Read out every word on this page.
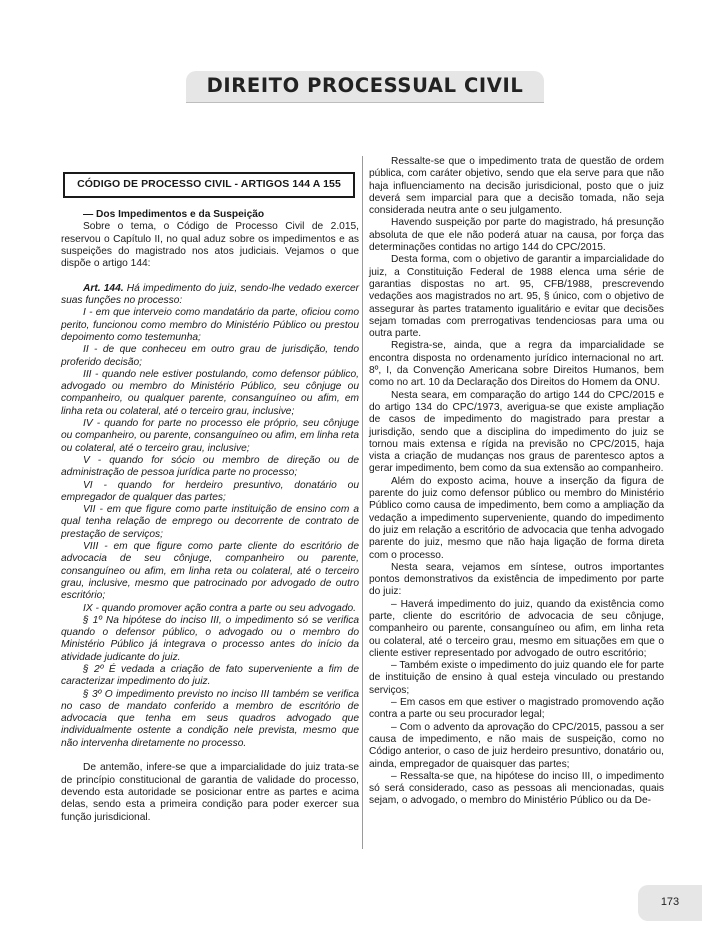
DIREITO PROCESSUAL CIVIL
CÓDIGO DE PROCESSO CIVIL - ARTIGOS 144 A 155

— Dos Impedimentos e da Suspeição

Sobre o tema, o Código de Processo Civil de 2.015, reservou o Capítulo II, no qual aduz sobre os impedimentos e as suspeições do magistrado nos atos judiciais. Vejamos o que dispõe o artigo 144:

Art. 144. Há impedimento do juiz, sendo-lhe vedado exercer suas funções no processo:

I - em que interveio como mandatário da parte, oficiou como perito, funcionou como membro do Ministério Público ou prestou depoimento como testemunha;

II - de que conheceu em outro grau de jurisdição, tendo proferido decisão;

III - quando nele estiver postulando, como defensor público, advogado ou membro do Ministério Público, seu cônjuge ou companheiro, ou qualquer parente, consanguíneo ou afim, em linha reta ou colateral, até o terceiro grau, inclusive;

IV - quando for parte no processo ele próprio, seu cônjuge ou companheiro, ou parente, consanguíneo ou afim, em linha reta ou colateral, até o terceiro grau, inclusive;

V - quando for sócio ou membro de direção ou de administração de pessoa jurídica parte no processo;

VI - quando for herdeiro presuntivo, donatário ou empregador de qualquer das partes;

VII - em que figure como parte instituição de ensino com a qual tenha relação de emprego ou decorrente de contrato de prestação de serviços;

VIII - em que figure como parte cliente do escritório de advocacia de seu cônjuge, companheiro ou parente, consanguíneo ou afim, em linha reta ou colateral, até o terceiro grau, inclusive, mesmo que patrocinado por advogado de outro escritório;

IX - quando promover ação contra a parte ou seu advogado.

§ 1º Na hipótese do inciso III, o impedimento só se verifica quando o defensor público, o advogado ou o membro do Ministério Público já integrava o processo antes do início da atividade judicante do juiz.

§ 2º É vedada a criação de fato superveniente a fim de caracterizar impedimento do juiz.

§ 3º O impedimento previsto no inciso III também se verifica no caso de mandato conferido a membro de escritório de advocacia que tenha em seus quadros advogado que individualmente ostente a condição nele prevista, mesmo que não intervenha diretamente no processo.

De antemão, infere-se que a imparcialidade do juiz trata-se de princípio constitucional de garantia de validade do processo, devendo esta autoridade se posicionar entre as partes e acima delas, sendo esta a primeira condição para poder exercer sua função jurisdicional.

Ressalte-se que o impedimento trata de questão de ordem pública, com caráter objetivo, sendo que ela serve para que não haja influenciamento na decisão jurisdicional, posto que o juiz deverá sem imparcial para que a decisão tomada, não seja considerada neutra ante o seu julgamento.

Havendo suspeição por parte do magistrado, há presunção absoluta de que ele não poderá atuar na causa, por força das determinações contidas no artigo 144 do CPC/2015.

Desta forma, com o objetivo de garantir a imparcialidade do juiz, a Constituição Federal de 1988 elenca uma série de garantias dispostas no art. 95, CFB/1988, prescrevendo vedações aos magistrados no art. 95, § único, com o objetivo de assegurar às partes tratamento igualitário e evitar que decisões sejam tomadas com prerrogativas tendenciosas para uma ou outra parte.

Registra-se, ainda, que a regra da imparcialidade se encontra disposta no ordenamento jurídico internacional no art. 8º, I, da Convenção Americana sobre Direitos Humanos, bem como no art. 10 da Declaração dos Direitos do Homem da ONU.

Nesta seara, em comparação do artigo 144 do CPC/2015 e do artigo 134 do CPC/1973, averigua-se que existe ampliação de casos de impedimento do magistrado para prestar a jurisdição, sendo que a disciplina do impedimento do juiz se tornou mais extensa e rígida na previsão no CPC/2015, haja vista a criação de mudanças nos graus de parentesco aptos a gerar impedimento, bem como da sua extensão ao companheiro.

Além do exposto acima, houve a inserção da figura de parente do juiz como defensor público ou membro do Ministério Público como causa de impedimento, bem como a ampliação da vedação a impedimento superveniente, quando do impedimento do juiz em relação a escritório de advocacia que tenha advogado parente do juiz, mesmo que não haja ligação de forma direta com o processo.

Nesta seara, vejamos em síntese, outros importantes pontos demonstrativos da existência de impedimento por parte do juiz:

– Haverá impedimento do juiz, quando da existência como parte, cliente do escritório de advocacia de seu cônjuge, companheiro ou parente, consanguíneo ou afim, em linha reta ou colateral, até o terceiro grau, mesmo em situações em que o cliente estiver representado por advogado de outro escritório;

– Também existe o impedimento do juiz quando ele for parte de instituição de ensino à qual esteja vinculado ou prestando serviços;

– Em casos em que estiver o magistrado promovendo ação contra a parte ou seu procurador legal;

– Com o advento da aprovação do CPC/2015, passou a ser causa de impedimento, e não mais de suspeição, como no Código anterior, o caso de juiz herdeiro presuntivo, donatário ou, ainda, empregador de quaisquer das partes;

– Ressalta-se que, na hipótese do inciso III, o impedimento só será considerado, caso as pessoas ali mencionadas, quais sejam, o advogado, o membro do Ministério Público ou da De-

173
